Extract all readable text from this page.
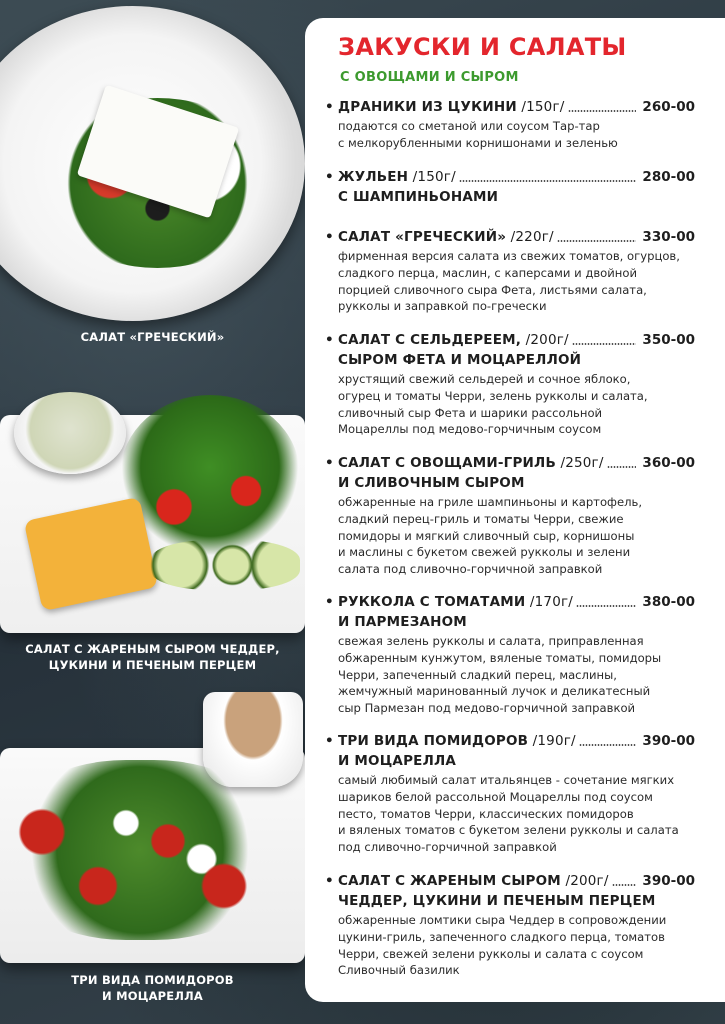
САЛАТ «ГРЕЧЕСКИЙ»
САЛАТ С ЖАРЕНЫМ СЫРОМ ЧЕДДЕР,
ЦУКИНИ И ПЕЧЕНЫМ ПЕРЦЕМ
ТРИ ВИДА ПОМИДОРОВ
И МОЦАРЕЛЛА
ЗАКУСКИ И САЛАТЫ
С ОВОЩАМИ И СЫРОМ
• ДРАНИКИ ИЗ ЦУКИНИ /150г/	260-00
подаются со сметаной или соусом Тар-тар
с мелкорубленными корнишонами и зеленью
• ЖУЛЬЕН /150г/	280-00
С ШАМПИНЬОНАМИ
• САЛАТ «ГРЕЧЕСКИЙ» /220г/	330-00
фирменная версия салата из свежих томатов, огурцов,
сладкого перца, маслин, с каперсами и двойной
порцией сливочного сыра Фета, листьями салата,
рукколы и заправкой по-гречески
• САЛАТ С СЕЛЬДЕРЕЕМ, /200г/	350-00
СЫРОМ ФЕТА И МОЦАРЕЛЛОЙ
хрустящий свежий сельдерей и сочное яблоко,
огурец и томаты Черри, зелень рукколы и салата,
сливочный сыр Фета и шарики рассольной
Моцареллы под медово-горчичным соусом
• САЛАТ С ОВОЩАМИ-ГРИЛЬ /250г/	360-00
И СЛИВОЧНЫМ СЫРОМ
обжаренные на гриле шампиньоны и картофель,
сладкий перец-гриль и томаты Черри, свежие
помидоры и мягкий сливочный сыр, корнишоны
и маслины с букетом свежей рукколы и зелени
салата под сливочно-горчичной заправкой
• РУККОЛА С ТОМАТАМИ /170г/	380-00
И ПАРМЕЗАНОМ
свежая зелень рукколы и салата, приправленная
обжаренным кунжутом, вяленые томаты, помидоры
Черри, запеченный сладкий перец, маслины,
жемчужный маринованный лучок и деликатесный
сыр Пармезан под медово-горчичной заправкой
• ТРИ ВИДА ПОМИДОРОВ /190г/	390-00
И МОЦАРЕЛЛА
самый любимый салат итальянцев - сочетание мягких
шариков белой рассольной Моцареллы под соусом
песто, томатов Черри, классических помидоров
и вяленых томатов с букетом зелени рукколы и салата
под сливочно-горчичной заправкой
• САЛАТ С ЖАРЕНЫМ СЫРОМ /200г/	390-00
ЧЕДДЕР, ЦУКИНИ И ПЕЧЕНЫМ ПЕРЦЕМ
обжаренные ломтики сыра Чеддер в сопровождении
цукини-гриль, запеченного сладкого перца, томатов
Черри, свежей зелени рукколы и салата с соусом
Сливочный базилик
